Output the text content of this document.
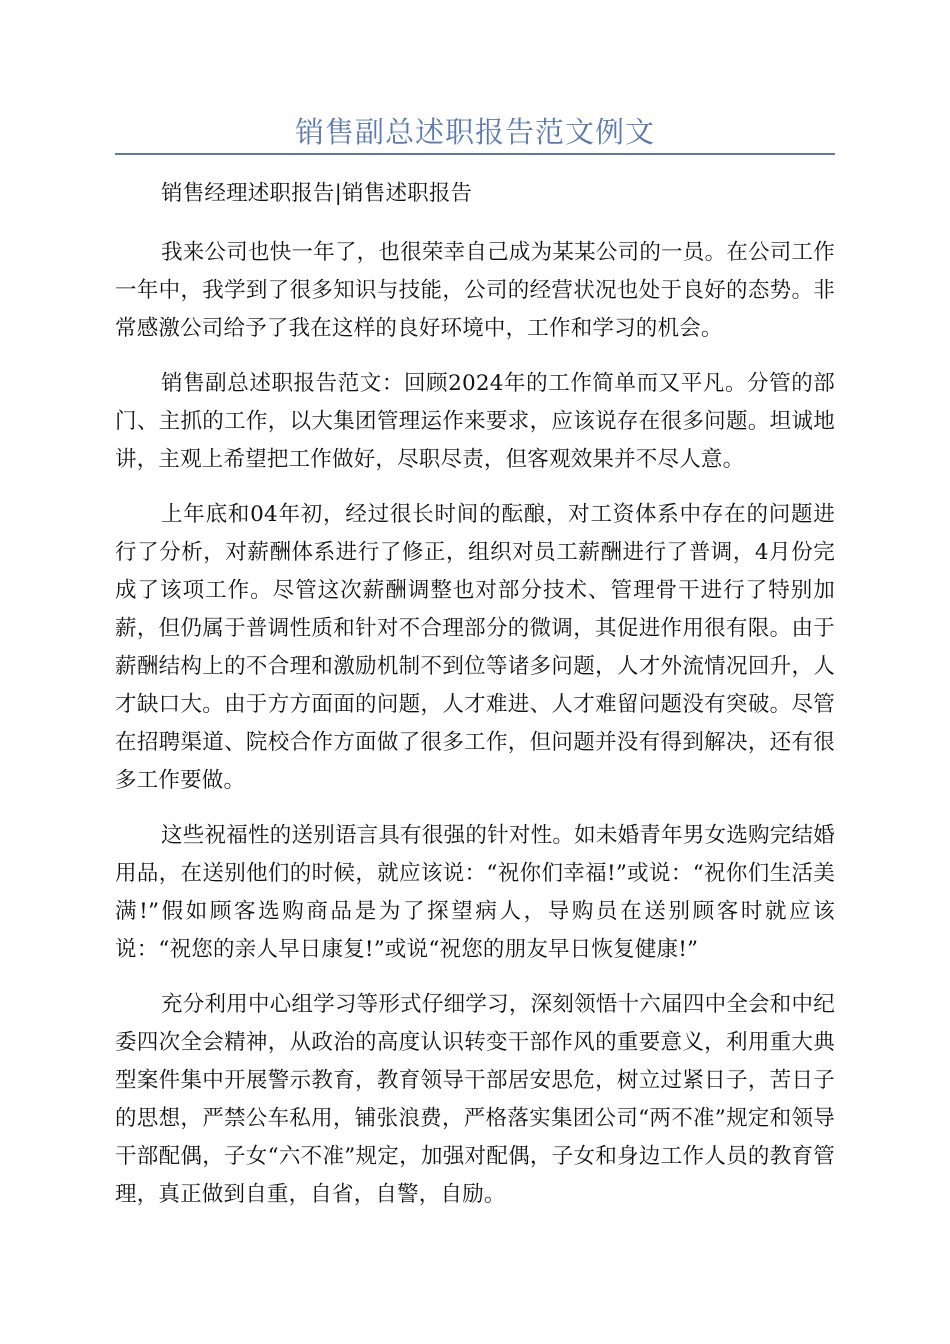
销售副总述职报告范文例文

销售经理述职报告|销售述职报告

我来公司也快一年了，也很荣幸自己成为某某公司的一员。在公司工作一年中，我学到了很多知识与技能，公司的经营状况也处于良好的态势。非常感激公司给予了我在这样的良好环境中，工作和学习的机会。

销售副总述职报告范文：回顾2024年的工作简单而又平凡。分管的部门、主抓的工作，以大集团管理运作来要求，应该说存在很多问题。坦诚地讲，主观上希望把工作做好，尽职尽责，但客观效果并不尽人意。

上年底和04年初，经过很长时间的酝酿，对工资体系中存在的问题进行了分析，对薪酬体系进行了修正，组织对员工薪酬进行了普调，4月份完成了该项工作。尽管这次薪酬调整也对部分技术、管理骨干进行了特别加薪，但仍属于普调性质和针对不合理部分的微调，其促进作用很有限。由于薪酬结构上的不合理和激励机制不到位等诸多问题，人才外流情况回升，人才缺口大。由于方方面面的问题，人才难进、人才难留问题没有突破。尽管在招聘渠道、院校合作方面做了很多工作，但问题并没有得到解决，还有很多工作要做。

这些祝福性的送别语言具有很强的针对性。如未婚青年男女选购完结婚用品，在送别他们的时候，就应该说：“祝你们幸福!”或说：“祝你们生活美满!”假如顾客选购商品是为了探望病人，导购员在送别顾客时就应该说：“祝您的亲人早日康复!”或说“祝您的朋友早日恢复健康!”

充分利用中心组学习等形式仔细学习，深刻领悟十六届四中全会和中纪委四次全会精神，从政治的高度认识转变干部作风的重要意义，利用重大典型案件集中开展警示教育，教育领导干部居安思危，树立过紧日子，苦日子的思想，严禁公车私用，铺张浪费，严格落实集团公司“两不准”规定和领导干部配偶，子女“六不准”规定，加强对配偶，子女和身边工作人员的教育管理，真正做到自重，自省，自警，自励。
